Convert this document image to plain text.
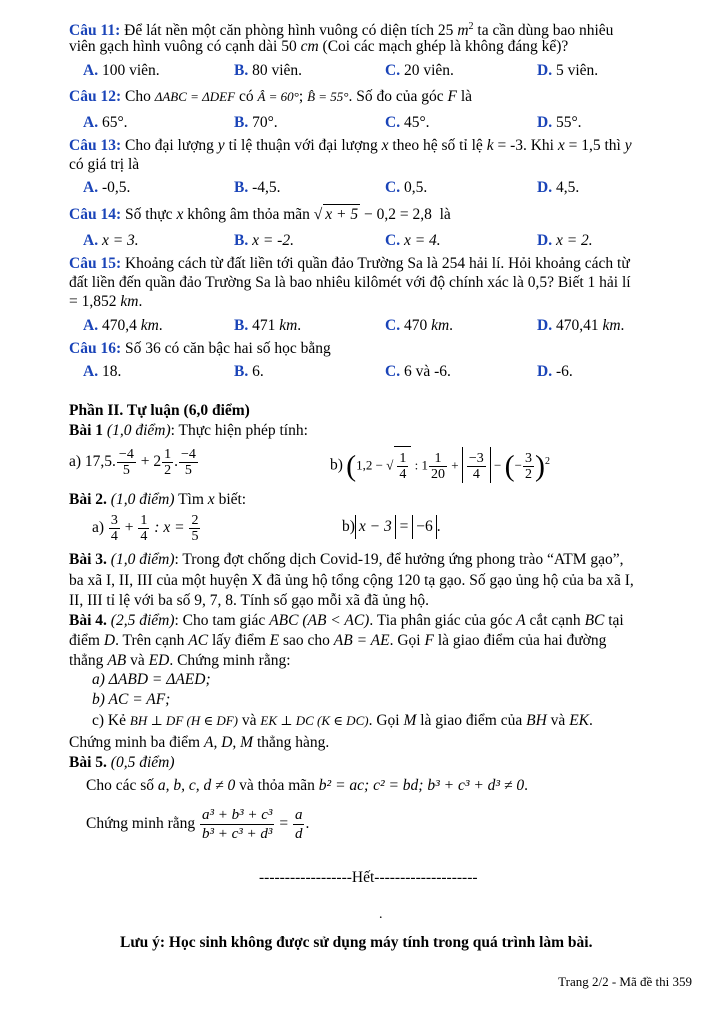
Câu 11: Để lát nền một căn phòng hình vuông có diện tích 25 $m^2$ ta cần dùng bao nhiêu
viên gạch hình vuông có cạnh dài 50 cm (Coi các mạch ghép là không đáng kể)?
A. 100 viên.	B. 80 viên.	C. 20 viên.	D. 5 viên.
Câu 12: Cho ΔABC = ΔDEF có Â = 60°; B̂ = 55°. Số đo của góc F là
A. 65°.	B. 70°.	C. 45°.	D. 55°.
Câu 13: Cho đại lượng y tỉ lệ thuận với đại lượng x theo hệ số tỉ lệ k = -3. Khi x = 1,5 thì y
có giá trị là
A. -0,5.	B. -4,5.	C. 0,5.	D. 4,5.
Câu 14: Số thực x không âm thỏa mãn √ x + 5 − 0,2 = 2,8  là
A. x = 3.	B. x = -2.	C. x = 4.	D. x = 2.
Câu 15: Khoảng cách từ đất liền tới quần đảo Trường Sa là 254 hải lí. Hỏi khoảng cách từ
đất liền đến quần đảo Trường Sa là bao nhiêu kilômét với độ chính xác là 0,5? Biết 1 hải lí
= 1,852 km.
A. 470,4 km.	B. 471 km.	C. 470 km.	D. 470,41 km.
Câu 16: Số 36 có căn bậc hai số học bằng
A. 18.	B. 6.	C. 6 và -6.	D. -6.
Phần II. Tự luận (6,0 điểm)
Bài 1 (1,0 điểm): Thực hiện phép tính:
a) 17,5. $\frac{-4}{5} + 2 \frac{1}{2}$ . $\frac{-4}{5}$	b) (1,2 − √ $\frac{1}{4}$ : $1 \frac{1}{20} + \frac{-3}{4}$ − (− $\frac{3}{2} )^2$
Bài 2. (1,0 điểm) Tìm x biết:
$a) \frac{3}{4} + \frac{1}{4}$ : $x = \frac{2}{5}$	b) x − 3 = −6 .
Bài 3. (1,0 điểm): Trong đợt chống dịch Covid-19, để hưởng ứng phong trào “ATM gạo”,
ba xã I, II, III của một huyện X đã ủng hộ tổng cộng 120 tạ gạo. Số gạo ủng hộ của ba xã I,
II, III tỉ lệ với ba số 9, 7, 8. Tính số gạo mỗi xã đã ủng hộ.
Bài 4. (2,5 điểm): Cho tam giác ABC (AB < AC). Tia phân giác của góc A cắt cạnh BC tại
điểm D. Trên cạnh AC lấy điểm E sao cho AB = AE. Gọi F là giao điểm của hai đường
thẳng AB và ED. Chứng minh rằng:
a) ΔABD = ΔAED;
b) AC = AF;
c) Kẻ BH ⊥ DF (H ∈ DF) và EK ⊥ DC (K ∈ DC). Gọi M là giao điểm của BH và EK.
Chứng minh ba điểm A, D, M thẳng hàng.
Bài 5. (0,5 điểm)
Cho các số a, b, c, d ≠ 0 và thỏa mãn b² = ac; c² = bd; b³ + c³ + d³ ≠ 0.
Chứng minh rằng $\frac{\text{a³ + b³ + c³}}{\text{b³ + c³ + d³}} = \frac{a}{d}$ .
------------------Hết--------------------
.
Lưu ý: Học sinh không được sử dụng máy tính trong quá trình làm bài.
Trang 2/2 - Mã đề thi 359
